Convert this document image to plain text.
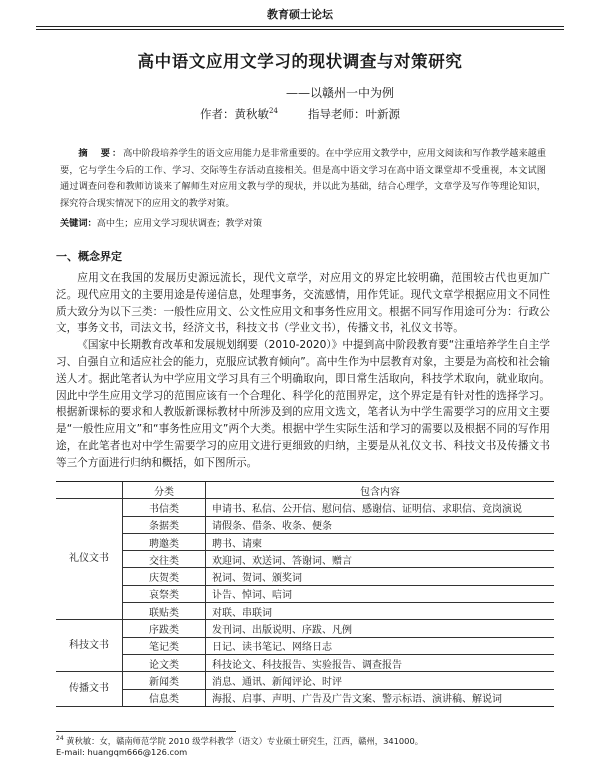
教育硕士论坛
高中语文应用文学习的现状调查与对策研究
——以赣州一中为例
作者：黄秋敏$^{24}$	指导老师：叶新源
摘　要：高中阶段培养学生的语文应用能力是非常重要的。在中学应用文教学中，应用文阅读和写作教学越来越重要，它与学生今后的工作、学习、交际等生存活动直接相关。但是高中语文学习在高中语文课堂却不受重视，本文试图通过调查问卷和教师访谈来了解师生对应用文教与学的现状，并以此为基础，结合心理学，文章学及写作等理论知识，探究符合现实情况下的应用文的教学对策。
关键词：高中生；应用文学习现状调查；教学对策
一、概念界定

应用文在我国的发展历史源远流长，现代文章学，对应用文的界定比较明确，范围较古代也更加广泛。现代应用文的主要用途是传递信息，处理事务，交流感情，用作凭证。现代文章学根据应用文不同性质大致分为以下三类：一般性应用文、公文性应用文和事务性应用文。根据不同写作用途可分为：行政公文，事务文书，司法文书，经济文书，科技文书（学业文书），传播文书，礼仪文书等。

《国家中长期教育改革和发展规划纲要（2010-2020）》中提到高中阶段教育要“注重培养学生自主学习、自强自立和适应社会的能力，克服应试教育倾向”。高中生作为中层教育对象，主要是为高校和社会输送人才。据此笔者认为中学应用文学习具有三个明确取向，即日常生活取向，科技学术取向，就业取向。因此中学生应用文学习的范围应该有一个合理化、科学化的范围界定，这个界定是有针对性的选择学习。根据新课标的要求和人教版新课标教材中所涉及到的应用文选文，笔者认为中学生需要学习的应用文主要是“一般性应用文”和“事务性应用文”两个大类。根据中学生实际生活和学习的需要以及根据不同的写作用途，在此笔者也对中学生需要学习的应用文进行更细致的归纳，主要是从礼仪文书、科技文书及传播文书等三个方面进行归纳和概括，如下图所示。

	分类	包含内容
礼仪文书	书信类	申请书、私信、公开信、慰问信、感谢信、证明信、求职信、竞岗演说
	条据类	请假条、借条、收条、便条
	聘邀类	聘书、请柬
	交往类	欢迎词、欢送词、答谢词、赠言
	庆贺类	祝词、贺词、颁奖词
	哀祭类	讣告、悼词、唁词
	联贴类	对联、串联词
科技文书	序跋类	发刊词、出版说明、序跋、凡例
	笔记类	日记、读书笔记、网络日志
	论文类	科技论文、科技报告、实验报告、调查报告
传播文书	新闻类	消息、通讯、新闻评论、时评
	信息类	海报、启事、声明、广告及广告文案、警示标语、演讲稿、解说词
$^{24}$ 黄秋敏：女，赣南师范学院 2010 级学科教学（语文）专业硕士研究生，江西，赣州，341000。
E-mail: huangqm666@126.com
